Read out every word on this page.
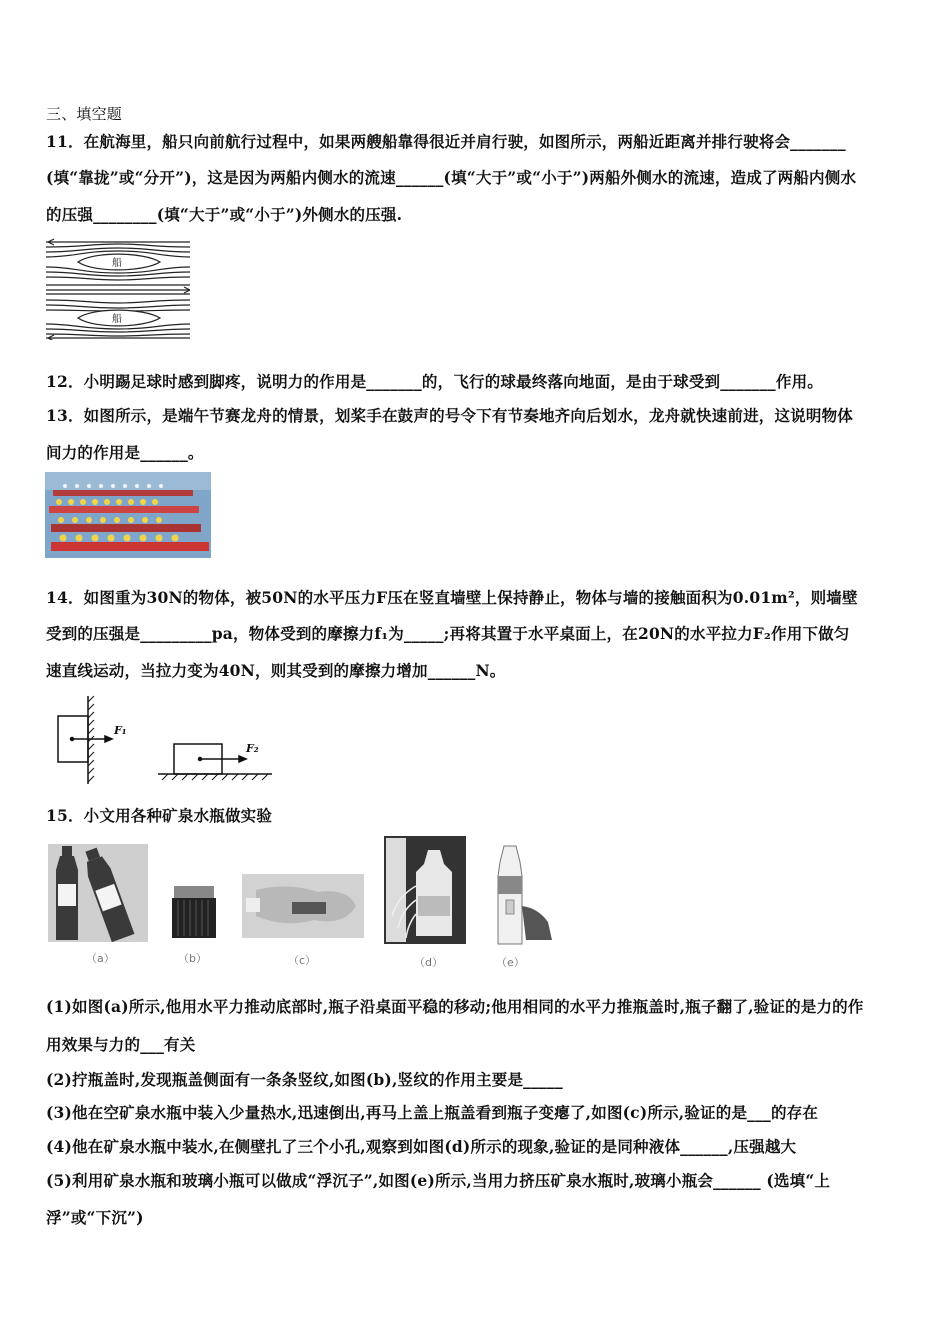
三、填空题
11．在航海里，船只向前航行过程中，如果两艘船靠得很近并肩行驶，如图所示，两船近距离并排行驶将会_______
(填“靠拢”或“分开”)，这是因为两船内侧水的流速______(填“大于”或“小于”)两船外侧水的流速，造成了两船内侧水
的压强________(填“大于”或“小于”)外侧水的压强.
船
船
12．小明踢足球时感到脚疼，说明力的作用是_______的，飞行的球最终落向地面，是由于球受到_______作用。
13．如图所示，是端午节赛龙舟的情景，划桨手在鼓声的号令下有节奏地齐向后划水，龙舟就快速前进，这说明物体
间力的作用是______。
14．如图重为30N的物体，被50N的水平压力F压在竖直墙壁上保持静止，物体与墙的接触面积为0.01m²，则墙壁
受到的压强是_________pa，物体受到的摩擦力f₁为_____;再将其置于水平桌面上，在20N的水平拉力F₂作用下做匀
速直线运动，当拉力变为40N，则其受到的摩擦力增加______N。
F₁
F₂
15．小文用各种矿泉水瓶做实验
（a）	（b）	（c）	（d）	（e）
(1)如图(a)所示,他用水平力推动底部时,瓶子沿桌面平稳的移动;他用相同的水平力推瓶盖时,瓶子翻了,验证的是力的作
用效果与力的___有关
(2)拧瓶盖时,发现瓶盖侧面有一条条竖纹,如图(b),竖纹的作用主要是_____
(3)他在空矿泉水瓶中装入少量热水,迅速倒出,再马上盖上瓶盖看到瓶子变瘪了,如图(c)所示,验证的是___的存在
(4)他在矿泉水瓶中装水,在侧壁扎了三个小孔,观察到如图(d)所示的现象,验证的是同种液体______,压强越大
(5)利用矿泉水瓶和玻璃小瓶可以做成“浮沉子”,如图(e)所示,当用力挤压矿泉水瓶时,玻璃小瓶会______ (选填“上
浮”或“下沉”)
